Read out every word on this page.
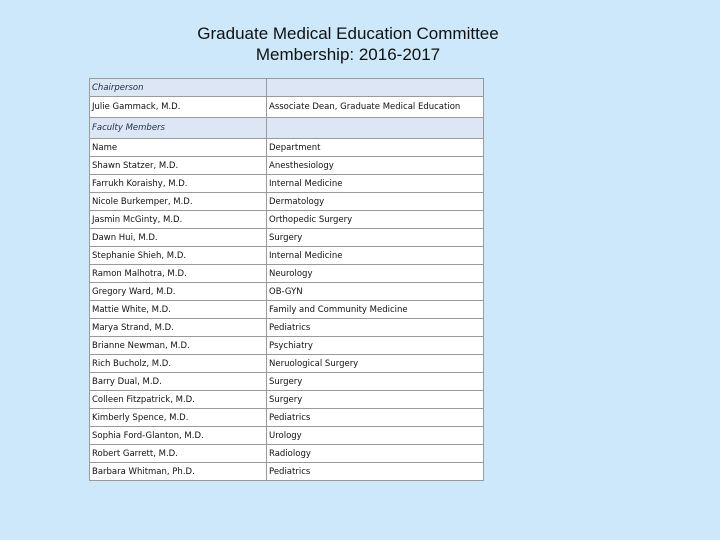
Graduate Medical Education Committee
Membership: 2016-2017
Chairperson	
Julie Gammack, M.D.	Associate Dean, Graduate Medical Education
Faculty Members	
Name	Department
Shawn Statzer, M.D.	Anesthesiology
Farrukh Koraishy, M.D.	Internal Medicine
Nicole Burkemper, M.D.	Dermatology
Jasmin McGinty, M.D.	Orthopedic Surgery
Dawn Hui, M.D.	Surgery
Stephanie Shieh, M.D.	Internal Medicine
Ramon Malhotra, M.D.	Neurology
Gregory Ward, M.D.	OB-GYN
Mattie White, M.D.	Family and Community Medicine
Marya Strand, M.D.	Pediatrics
Brianne Newman, M.D.	Psychiatry
Rich Bucholz, M.D.	Neruological Surgery
Barry Dual, M.D.	Surgery
Colleen Fitzpatrick, M.D.	Surgery
Kimberly Spence, M.D.	Pediatrics
Sophia Ford-Glanton, M.D.	Urology
Robert Garrett, M.D.	Radiology
Barbara Whitman, Ph.D.	Pediatrics
